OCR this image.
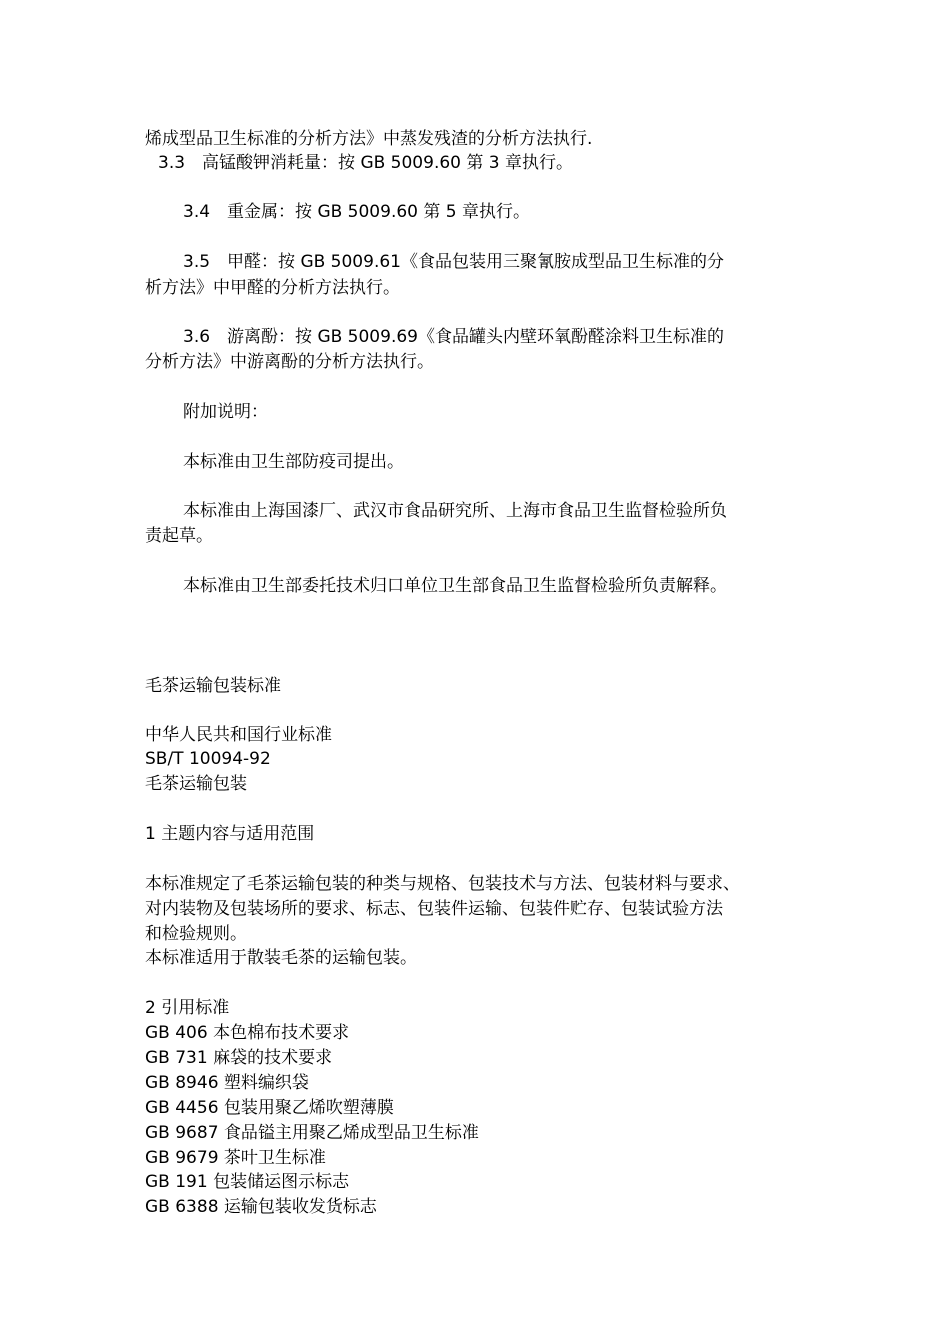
烯成型品卫生标准的分析方法》中蒸发残渣的分析方法执行.
3.3　高锰酸钾消耗量：按 GB 5009.60 第 3 章执行。
3.4　重金属：按 GB 5009.60 第 5 章执行。
3.5　甲醛：按 GB 5009.61《食品包装用三聚氰胺成型品卫生标准的分
析方法》中甲醛的分析方法执行。
3.6　游离酚：按 GB 5009.69《食品罐头内壁环氧酚醛涂料卫生标准的
分析方法》中游离酚的分析方法执行。
附加说明：
本标准由卫生部防疫司提出。
本标准由上海国漆厂、武汉市食品研究所、上海市食品卫生监督检验所负
责起草。
本标准由卫生部委托技术归口单位卫生部食品卫生监督检验所负责解释。
毛茶运输包装标准
中华人民共和国行业标准
SB/T 10094-92
毛茶运输包装
1 主题内容与适用范围
本标准规定了毛茶运输包装的种类与规格、包装技术与方法、包装材料与要求、
对内装物及包装场所的要求、标志、包装件运输、包装件贮存、包装试验方法
和检验规则。
本标准适用于散装毛茶的运输包装。
2 引用标准
GB 406 本色棉布技术要求
GB 731 麻袋的技术要求
GB 8946 塑料编织袋
GB 4456 包装用聚乙烯吹塑薄膜
GB 9687 食品镒主用聚乙烯成型品卫生标准
GB 9679 茶叶卫生标准
GB 191 包装储运图示标志
GB 6388 运输包装收发货标志
